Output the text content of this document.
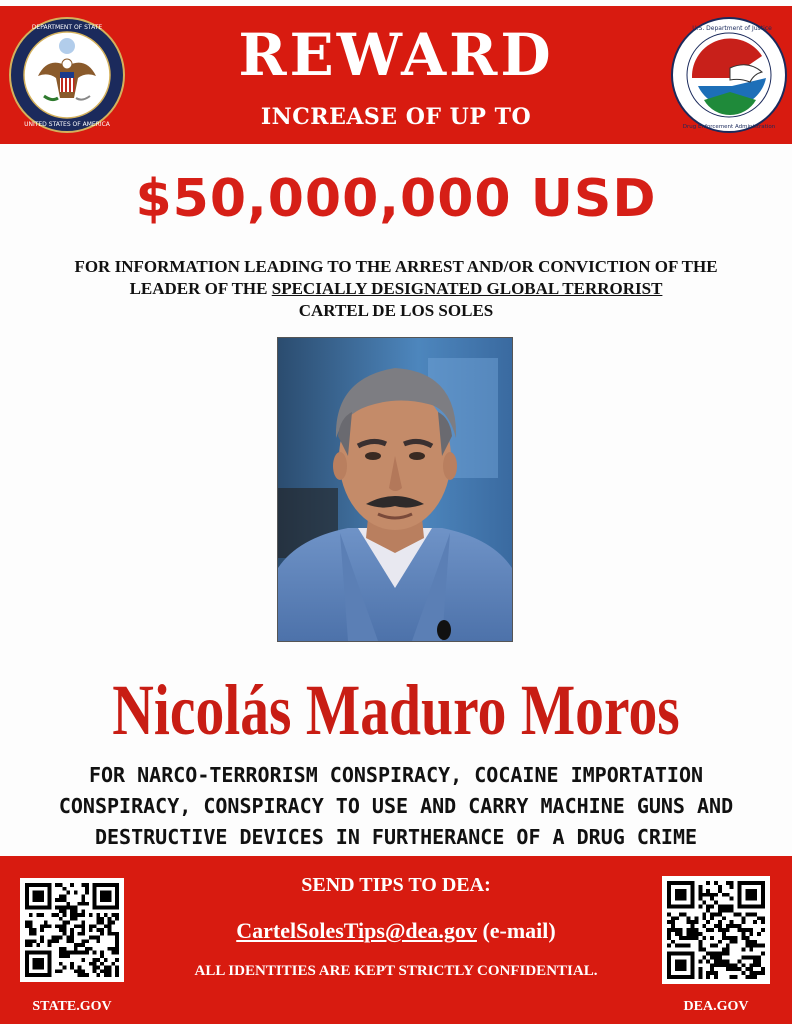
UNITED STATES OF AMERICA
DEPARTMENT OF STATE	REWARD
INCREASE OF UP TO
U.S. Department of Justice
Drug Enforcement Administration
$50,000,000 USD
FOR INFORMATION LEADING TO THE ARREST AND/OR CONVICTION OF THE
LEADER OF THE SPECIALLY DESIGNATED GLOBAL TERRORIST
CARTEL DE LOS SOLES
Nicolás Maduro Moros
FOR NARCO-TERRORISM CONSPIRACY, COCAINE IMPORTATION
CONSPIRACY, CONSPIRACY TO USE AND CARRY MACHINE GUNS AND
DESTRUCTIVE DEVICES IN FURTHERANCE OF A DRUG CRIME
STATE.GOV
SEND TIPS TO DEA:
CartelSolesTips@dea.gov (e-mail)
ALL IDENTITIES ARE KEPT STRICTLY CONFIDENTIAL.
DEA.GOV
